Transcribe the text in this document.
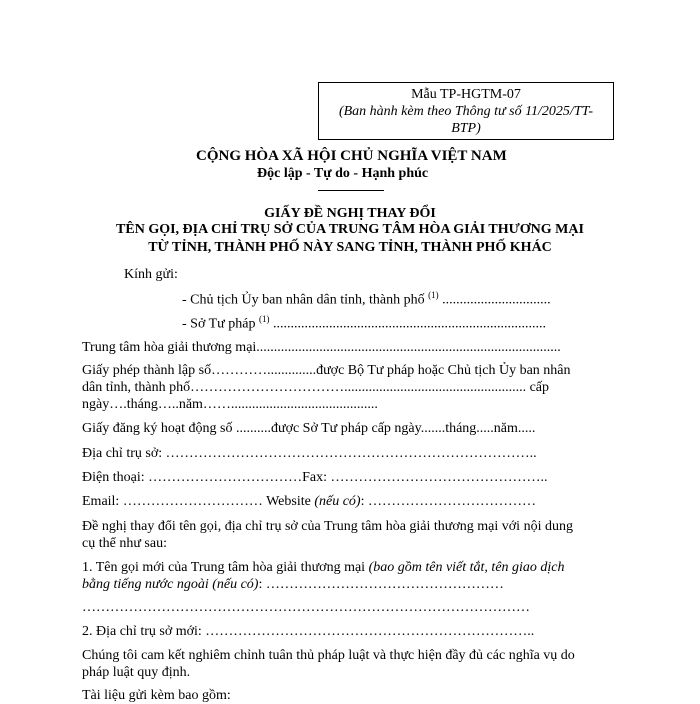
Mẫu TP-HGTM-07
(Ban hành kèm theo Thông tư số 11/2025/TT-
BTP)
CỘNG HÒA XÃ HỘI CHỦ NGHĨA VIỆT NAM
Độc lập - Tự do - Hạnh phúc
GIẤY ĐỀ NGHỊ THAY ĐỔI
TÊN GỌI, ĐỊA CHỈ TRỤ SỞ CỦA TRUNG TÂM HÒA GIẢI THƯƠNG MẠI
TỪ TỈNH, THÀNH PHỐ NÀY SANG TỈNH, THÀNH PHỐ KHÁC
Kính gửi:
- Chủ tịch Ủy ban nhân dân tỉnh, thành phố $^{(1)}$ ...............................
- Sở Tư pháp $^{(1)}$ ..............................................................................
Trung tâm hòa giải thương mại.......................................................................................
Giấy phép thành lập số…………..............được Bộ Tư pháp hoặc Chủ tịch Ủy ban nhân
dân tỉnh, thành phố…………………………….................................................... cấp
ngày….tháng…..năm……..........................................
Giấy đăng ký hoạt động số ..........được Sở Tư pháp cấp ngày.......tháng.....năm.....
Địa chỉ trụ sở: ……………………………………………………………………..
Điện thoại: ……………………………Fax: ………………………………………..
Email: ………………………… Website (nếu có): ………………………………
Đề nghị thay đổi tên gọi, địa chỉ trụ sở của Trung tâm hòa giải thương mại với nội dung
cụ thể như sau:
1. Tên gọi mới của Trung tâm hòa giải thương mại (bao gồm tên viết tắt, tên giao dịch
bằng tiếng nước ngoài (nếu có): ……………………………………………
……………………………………………………………………………………
2. Địa chỉ trụ sở mới: ……………………………………………………………..
Chúng tôi cam kết nghiêm chỉnh tuân thủ pháp luật và thực hiện đầy đủ các nghĩa vụ do
pháp luật quy định.
Tài liệu gửi kèm bao gồm:
